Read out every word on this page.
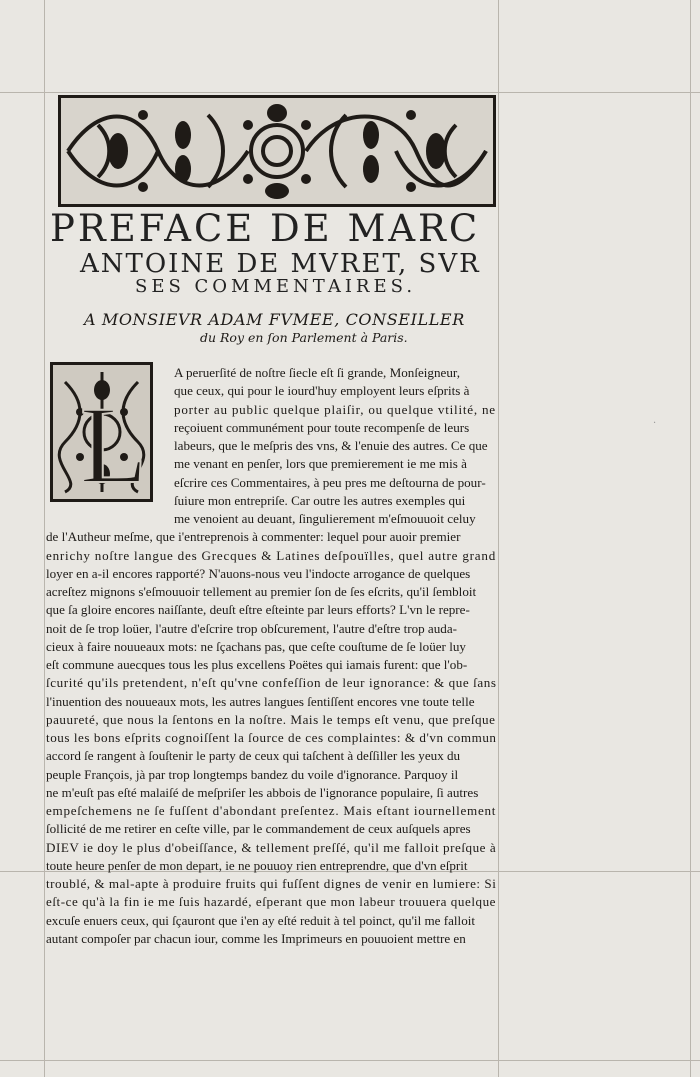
PREFACE DE MARC
ANTOINE DE MVRET, SVR
SES COMMENTAIRES.
A MONSIEVR ADAM FVMEE, CONSEILLER
du Roy en ſon Parlement à Paris.
L
A peruerſité de noſtre ſiecle eſt ſi grande, Monſeigneur,
que ceux, qui pour le iourd'huy employent leurs eſprits à
porter au public quelque plaiſir, ou quelque vtilité, ne
reçoiuent communément pour toute recompenſe de leurs
labeurs, que le meſpris des vns, & l'enuie des autres. Ce que
me venant en penſer, lors que premierement ie me mis à
eſcrire ces Commentaires, à peu pres me deſtourna de pour-
ſuiure mon entrepriſe. Car outre les autres exemples qui
me venoient au deuant, ſingulierement m'eſmouuoit celuy
de l'Autheur meſme, que i'entreprenois à commenter: lequel pour auoir premier
enrichy noſtre langue des Grecques & Latines deſpouïlles, quel autre grand
loyer en a-il encores rapporté? N'auons-nous veu l'indocte arrogance de quelques
acreſtez mignons s'eſmouuoir tellement au premier ſon de ſes eſcrits, qu'il ſembloit
que ſa gloire encores naiſſante, deuſt eſtre eſteinte par leurs efforts? L'vn le repre-
noit de ſe trop loüer, l'autre d'eſcrire trop obſcurement, l'autre d'eſtre trop auda-
cieux à faire nouueaux mots: ne ſçachans pas, que ceſte couſtume de ſe loüer luy
eſt commune auecques tous les plus excellens Poëtes qui iamais furent: que l'ob-
ſcurité qu'ils pretendent, n'eſt qu'vne confeſſion de leur ignorance: & que ſans
l'inuention des nouueaux mots, les autres langues ſentiſſent encores vne toute telle
pauureté, que nous la ſentons en la noſtre. Mais le temps eſt venu, que preſque
tous les bons eſprits cognoiſſent la ſource de ces complaintes: & d'vn commun
accord ſe rangent à ſouſtenir le party de ceux qui taſchent à deſſiller les yeux du
peuple François, jà par trop longtemps bandez du voile d'ignorance. Parquoy il
ne m'euſt pas eſté malaiſé de meſpriſer les abbois de l'ignorance populaire, ſi autres
empeſchemens ne ſe fuſſent d'abondant preſentez. Mais eſtant iournellement
ſollicité de me retirer en ceſte ville, par le commandement de ceux auſquels apres
DIEV ie doy le plus d'obeiſſance, & tellement preſſé, qu'il me falloit preſque à
toute heure penſer de mon depart, ie ne pouuoy rien entreprendre, que d'vn eſprit
troublé, & mal-apte à produire fruits qui fuſſent dignes de venir en lumiere: Si
eſt-ce qu'à la fin ie me ſuis hazardé, eſperant que mon labeur trouuera quelque
excuſe enuers ceux, qui ſçauront que i'en ay eſté reduit à tel poinct, qu'il me falloit
autant compoſer par chacun iour, comme les Imprimeurs en pouuoient mettre en
·
